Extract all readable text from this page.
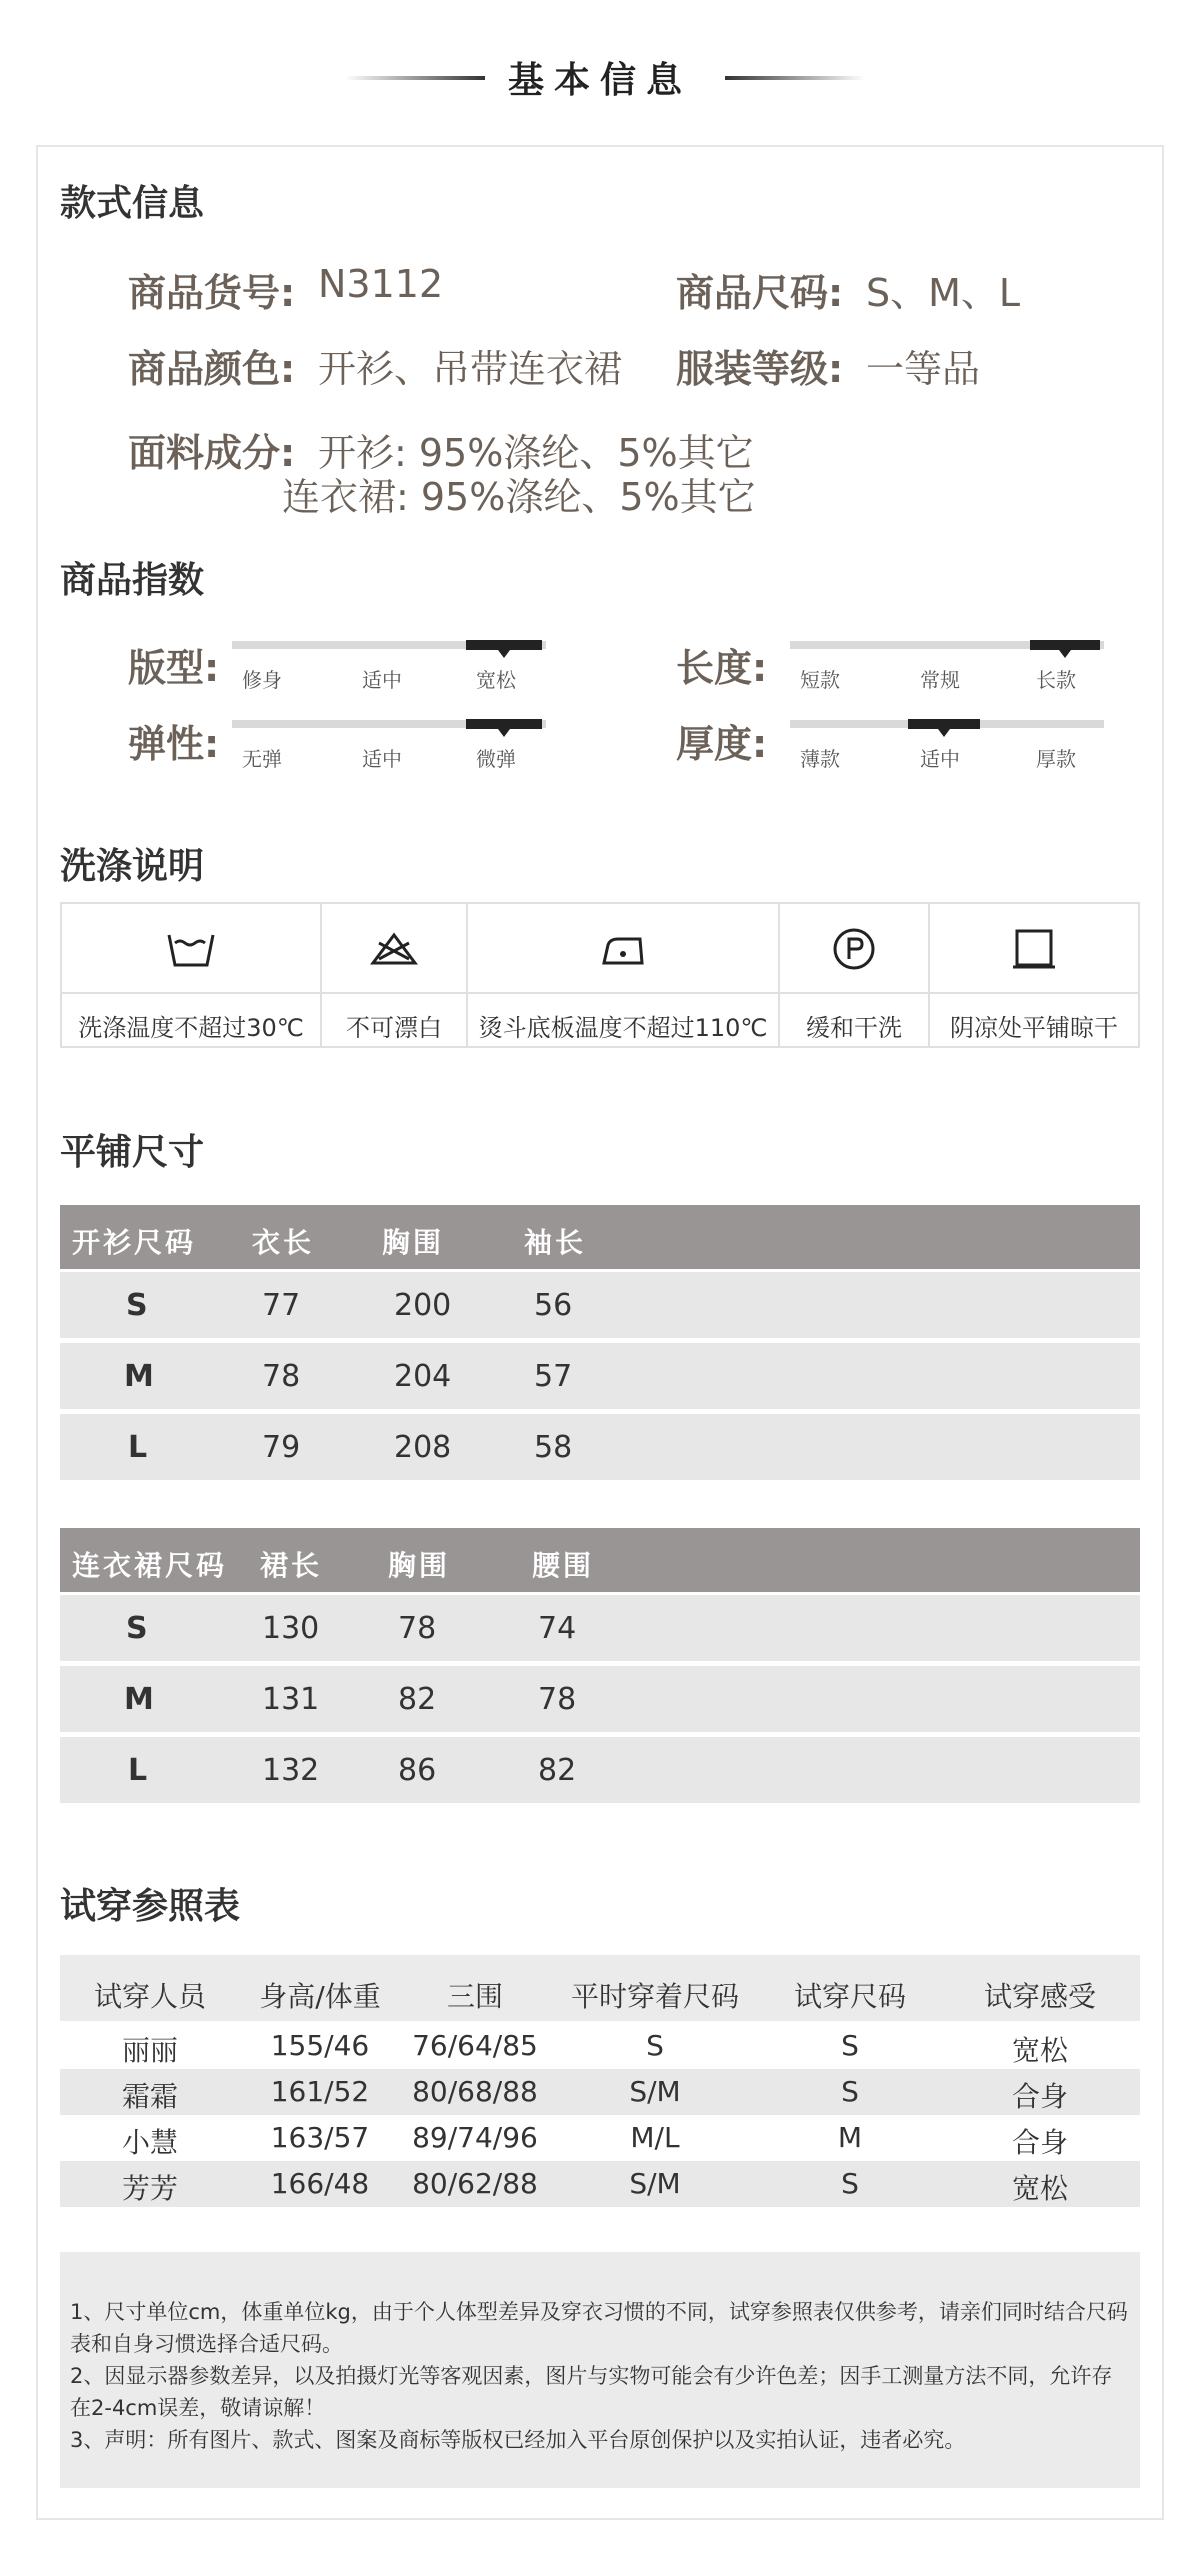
基本信息
款式信息
商品货号: N3112	商品尺码: S、M、L
商品颜色: 开衫、吊带连衣裙 服装等级: 一等品
面料成分: 开衫: 95%涤纶、5%其它
连衣裙: 95%涤纶、5%其它
商品指数
版型: 修身	适中	宽松	长度: 短款	常规	长款
弹性: 无弹	适中	微弹	厚度: 薄款	适中	厚款
洗涤说明
洗涤温度不超过30℃	不可漂白	烫斗底板温度不超过110℃	缓和干洗	阴凉处平铺晾干
平铺尺寸
开衫尺码 衣长 胸围	袖长
S	77	200	56
M	78	204	57
L	79	208	58
连衣裙尺码 裙长 胸围	腰围
S	130	78	74
M	131	82	78
L	132	86	82
试穿参照表
试穿人员	身高/体重	三围	平时穿着尺码	试穿尺码	试穿感受
丽丽	155/46	76/64/85	S	S	宽松
霜霜	161/52	80/68/88	S/M	S	合身
小慧	163/57	89/74/96	M/L	M	合身
芳芳	166/48	80/62/88	S/M	S	宽松
1、尺寸单位cm，体重单位kg，由于个人体型差异及穿衣习惯的不同，试穿参照表仅供参考，请亲们同时结合尺码表和自身习惯选择合适尺码。
2、因显示器参数差异，以及拍摄灯光等客观因素，图片与实物可能会有少许色差；因手工测量方法不同，允许存在2-4cm误差，敬请谅解！
3、声明：所有图片、款式、图案及商标等版权已经加入平台原创保护以及实拍认证，违者必究。
